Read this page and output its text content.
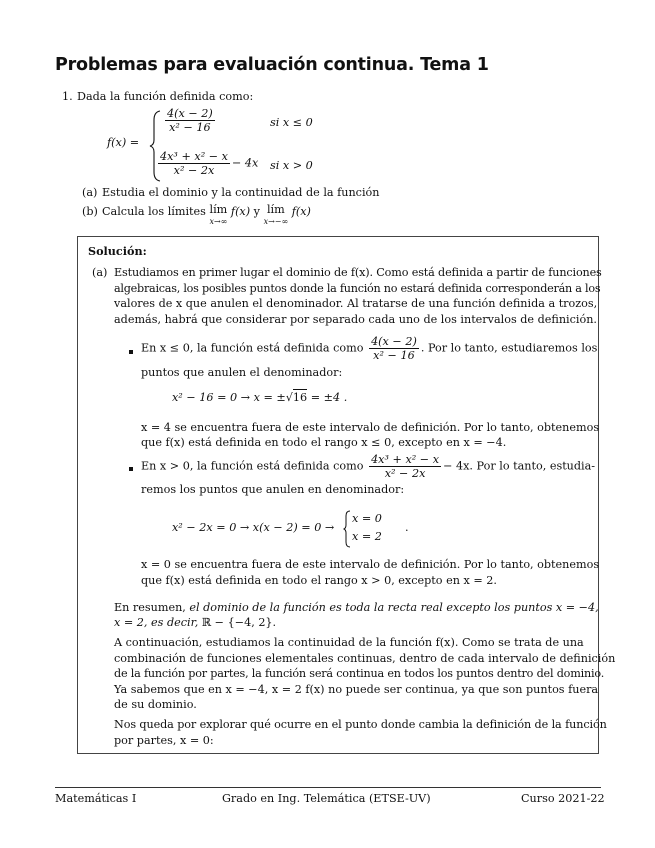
Problemas para evaluación continua. Tema 1
1. Dada la función definida como:
f(x) =
$\frac{4(x - 2)}{\text{x² − 16}}$	si x ≤ 0
$\frac{\text{4x³ + x² − x}}{\text{x² − 2x}} - 4x$ si x > 0
(a) Estudia el dominio y la continuidad de la función
(b) Calcula los límites lím
x→∞
f(x) y lím
x→−∞
f(x)
Solución:
(a) Estudiamos en primer lugar el dominio de f(x). Como está definida a partir de funciones
algebraicas, los posibles puntos donde la función no estará definida corresponderán a los
valores de x que anulen el denominador. Al tratarse de una función definida a trozos,
además, habrá que considerar por separado cada uno de los intervalos de definición.
En x ≤ 0, la función está definida como $\frac{4(x - 2)}{\text{x² − 16}}$ . Por lo tanto, estudiaremos los
puntos que anulen el denominador:
x² − 16 = 0 → x = ±√16 = ±4 .
x = 4 se encuentra fuera de este intervalo de definición. Por lo tanto, obtenemos
que f(x) está definida en todo el rango x ≤ 0, excepto en x = −4.
En x > 0, la función está definida como $\frac{\text{4x³ + x² − x}}{\text{x² − 2x}} - 4x$. Por lo tanto, estudia-
remos los puntos que anulen en denominador:
x² − 2x = 0 → x(x − 2) = 0 →
x = 0
x = 2
.
x = 0 se encuentra fuera de este intervalo de definición. Por lo tanto, obtenemos
que f(x) está definida en todo el rango x > 0, excepto en x = 2.
En resumen, el dominio de la función es toda la recta real excepto los puntos x = −4,
x = 2, es decir, ℝ − {−4, 2}.
A continuación, estudiamos la continuidad de la función f(x). Como se trata de una
combinación de funciones elementales continuas, dentro de cada intervalo de definición
de la función por partes, la función será continua en todos los puntos dentro del dominio.
Ya sabemos que en x = −4, x = 2 f(x) no puede ser continua, ya que son puntos fuera
de su dominio.
Nos queda por explorar qué ocurre en el punto donde cambia la definición de la función
por partes, x = 0:
Matemáticas I	Grado en Ing. Telemática (ETSE-UV)	Curso 2021-22
